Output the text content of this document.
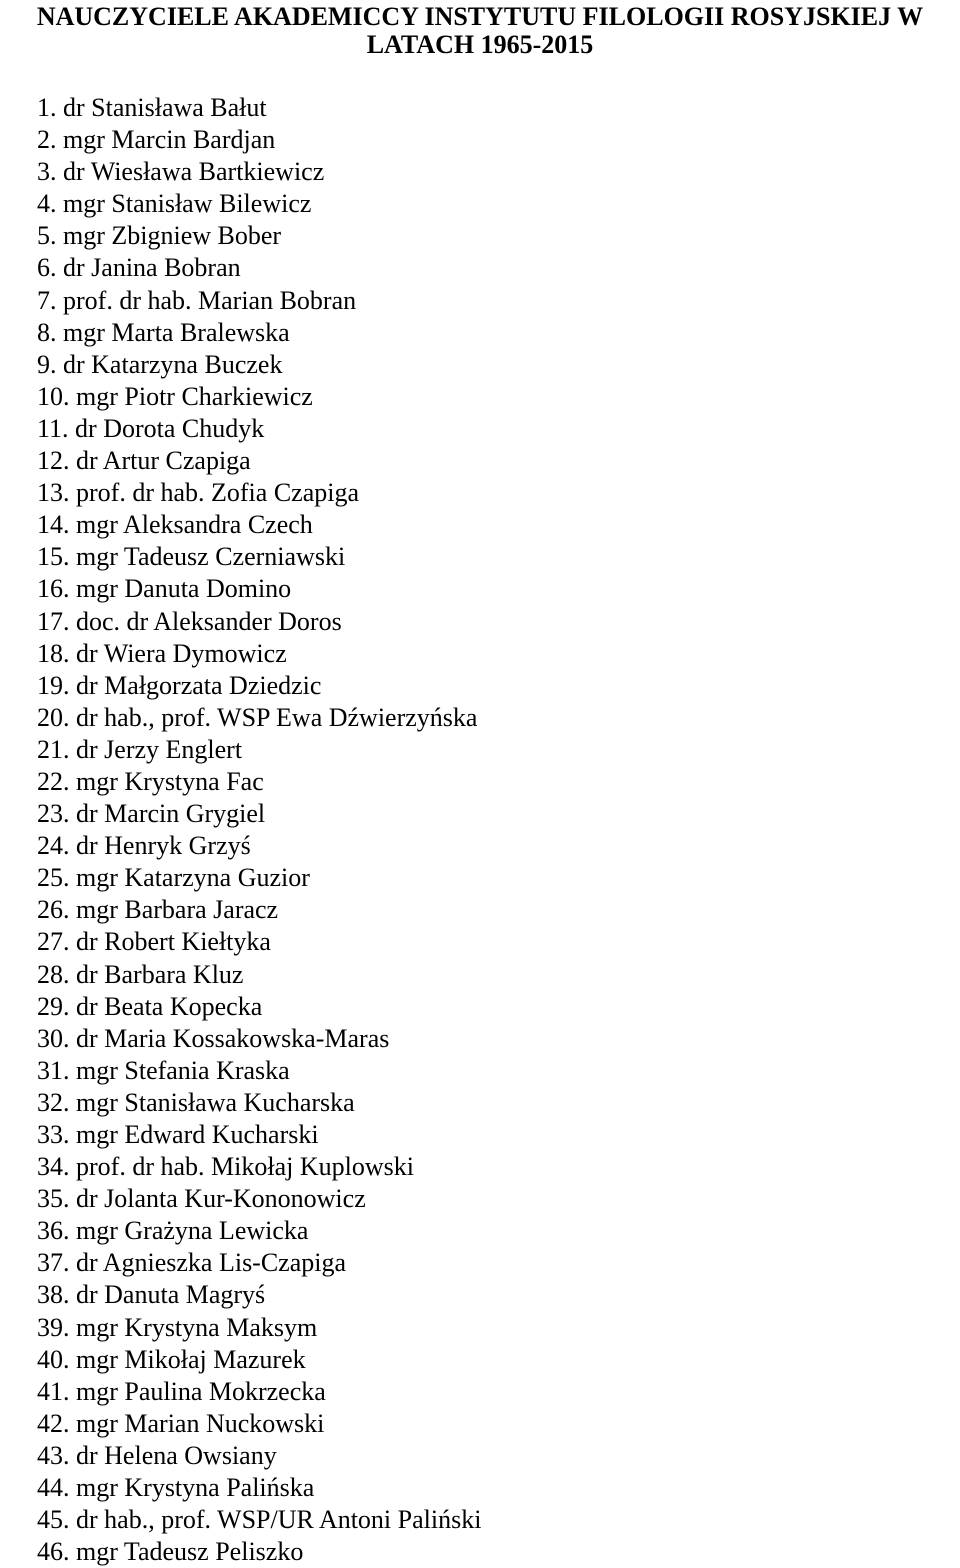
NAUCZYCIELE AKADEMICCY INSTYTUTU FILOLOGII ROSYJSKIEJ W
LATACH 1965-2015
1. dr Stanisława Bałut
2. mgr Marcin Bardjan
3. dr Wiesława Bartkiewicz
4. mgr Stanisław Bilewicz
5. mgr Zbigniew Bober
6. dr Janina Bobran
7. prof. dr hab. Marian Bobran
8. mgr Marta Bralewska
9. dr Katarzyna Buczek
10. mgr Piotr Charkiewicz
11. dr Dorota Chudyk
12. dr Artur Czapiga
13. prof. dr hab. Zofia Czapiga
14. mgr Aleksandra Czech
15. mgr Tadeusz Czerniawski
16. mgr Danuta Domino
17. doc. dr Aleksander Doros
18. dr Wiera Dymowicz
19. dr Małgorzata Dziedzic
20. dr hab., prof. WSP Ewa Dźwierzyńska
21. dr Jerzy Englert
22. mgr Krystyna Fac
23. dr Marcin Grygiel
24. dr Henryk Grzyś
25. mgr Katarzyna Guzior
26. mgr Barbara Jaracz
27. dr Robert Kiełtyka
28. dr Barbara Kluz
29. dr Beata Kopecka
30. dr Maria Kossakowska-Maras
31. mgr Stefania Kraska
32. mgr Stanisława Kucharska
33. mgr Edward Kucharski
34. prof. dr hab. Mikołaj Kuplowski
35. dr Jolanta Kur-Kononowicz
36. mgr Grażyna Lewicka
37. dr Agnieszka Lis-Czapiga
38. dr Danuta Magryś
39. mgr Krystyna Maksym
40. mgr Mikołaj Mazurek
41. mgr Paulina Mokrzecka
42. mgr Marian Nuckowski
43. dr Helena Owsiany
44. mgr Krystyna Palińska
45. dr hab., prof. WSP/UR Antoni Paliński
46. mgr Tadeusz Peliszko
